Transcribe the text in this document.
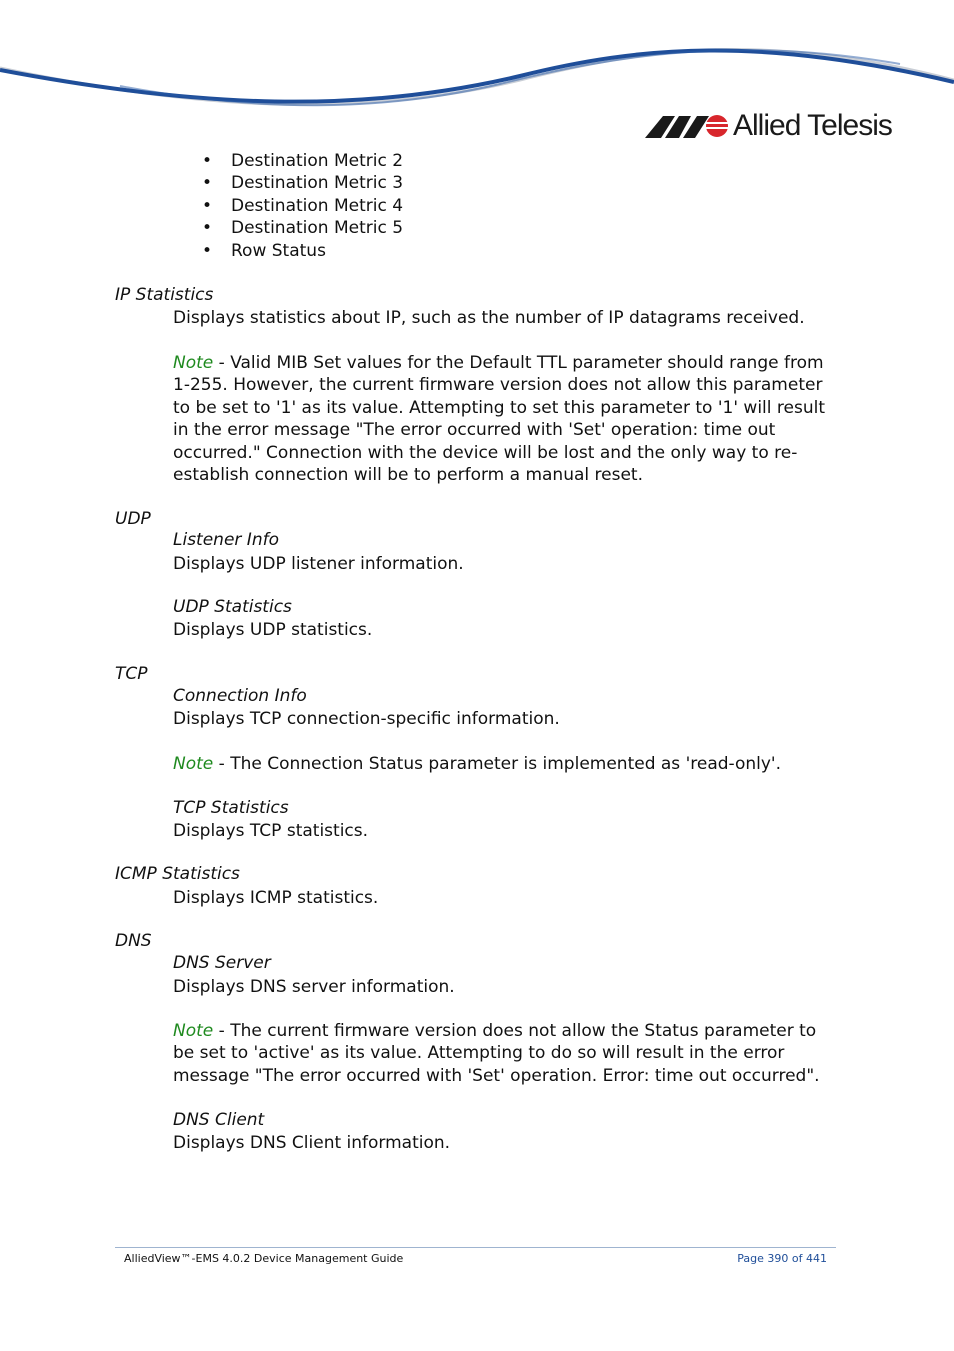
Allied Telesis
• Destination Metric 2
• Destination Metric 3
• Destination Metric 4
• Destination Metric 5
• Row Status
IP Statistics
Displays statistics about IP, such as the number of IP datagrams received.
Note - Valid MIB Set values for the Default TTL parameter should range from 1-255. However, the current firmware version does not allow this parameter to be set to '1' as its value. Attempting to set this parameter to '1' will result in the error message "The error occurred with 'Set' operation: time out occurred." Connection with the device will be lost and the only way to re-establish connection will be to perform a manual reset.
UDP
Listener Info
Displays UDP listener information.
UDP Statistics
Displays UDP statistics.
TCP
Connection Info
Displays TCP connection-specific information.
Note - The Connection Status parameter is implemented as 'read-only'.
TCP Statistics
Displays TCP statistics.
ICMP Statistics
Displays ICMP statistics.
DNS
DNS Server
Displays DNS server information.
Note - The current firmware version does not allow the Status parameter to be set to 'active' as its value. Attempting to do so will result in the error message "The error occurred with 'Set' operation. Error: time out occurred".
DNS Client
Displays DNS Client information.
AlliedView™-EMS 4.0.2 Device Management Guide	Page 390 of 441
